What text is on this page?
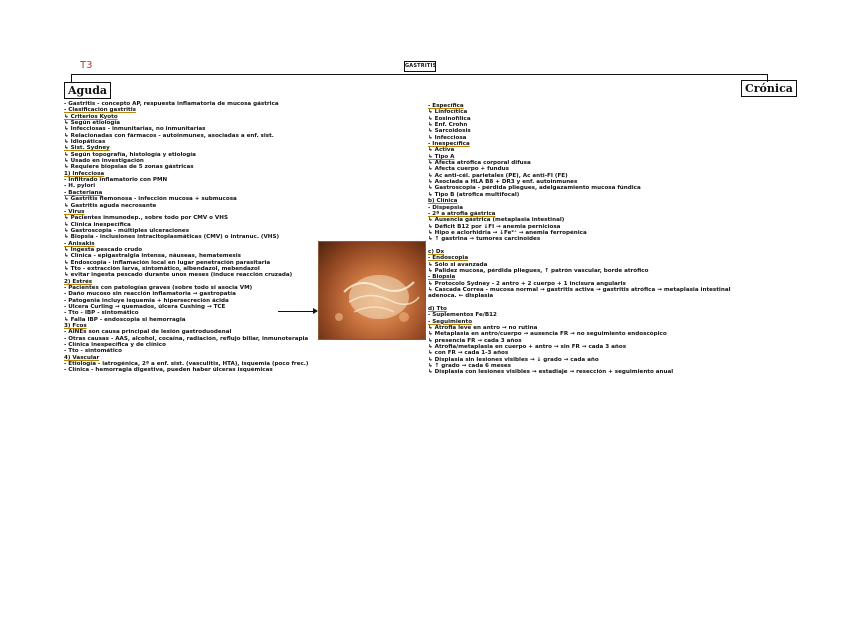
GASTRITIS
T3
Aguda	Crónica
- Gastritis - concepto AP, respuesta inflamatoria de mucosa gástrica
- Clasificación gastritis
↳ Criterios Kyoto
↳ Según etiología
↳ Infecciosas - inmunitarias, no inmunitarias
↳ Relacionadas con fármacos - autoinmunes, asociadas a enf. sist.
↳ Idiopáticas
↳ Sist. Sydney
↳ Según topografía, histología y etiología
↳ Usado en investigación
↳ Requiere biopsias de 5 zonas gástricas
1) Infecciosa
- Infiltrado inflamatorio con PMN
- H. pylori
- Bacteriana
↳ Gastritis flemonosa - infección mucosa + submucosa
↳ Gastritis aguda necrosante
- Virus
↳ Pacientes inmunodep., sobre todo por CMV o VHS
↳ Clínica inespecífica
↳ Gastroscopia - múltiples ulceraciones
↳ Biopsia - inclusiones intracitoplasmáticas (CMV) o intranuc. (VHS)
- Anisakis
↳ Ingesta pescado crudo
↳ Clínica - epigastralgia intensa, náuseas, hematemesis
↳ Endoscopia - inflamación local en lugar penetración parasitaria
↳ Tto - extracción larva, sintomático, albendazol, mebendazol
↳ evitar ingesta pescado durante unos meses (induce reacción cruzada)
2) Estrés
- Pacientes con patologías graves (sobre todo si asocia VM)
- Daño mucoso sin reacción inflamatoria → gastropatía
- Patogenia incluye isquemia + hipersecreción ácida
- Úlcera Curling → quemados, úlcera Cushing → TCE
- Tto - IBP - sintomático
↳ Falla IBP - endoscopia si hemorragia
3) Fcos
- AINEs son causa principal de lesión gastroduodenal
- Otras causas - AAS, alcohol, cocaína, radiación, reflujo biliar, inmunoterapia
- Clínica inespecífica y de clínico
- Tto - sintomático
4) Vascular
- Etiología - iatrogénica, 2ª a enf. sist. (vasculitis, HTA), isquemia (poco frec.)
- Clínica - hemorragia digestiva, pueden haber úlceras isquémicas
- Específica
↳ Linfocítica
↳ Eosinofílica
↳ Enf. Crohn
↳ Sarcoidosis
↳ Infecciosa
- Inespecífica
↳ Activa
↳ Tipo A
↳ Afecta atrófica corporal difusa
↳ Afecta cuerpo + fundus
↳ Ac anti-cél. parietales (PE), Ac anti-FI (FE)
↳ Asociada a HLA B8 + DR3 y enf. autoinmunes
↳ Gastroscopia - pérdida pliegues, adelgazamiento mucosa fúndica
↳ Tipo B (atrófica multifocal)
b) Clínica
- Dispepsia
- 2ª a atrofia gástrica
↳ Ausencia gástrica (metaplasia intestinal)
↳ Déficit B12 por ↓FI → anemia perniciosa
↳ Hipo e aclorhidria → ↓Fe²⁺ → anemia ferropénica
↳ ↑ gastrina → tumores carcinoides
c) Dx
- Endoscopia
↳ Sólo si avanzada
↳ Palidez mucosa, pérdida pliegues, ↑ patrón vascular, borde atrófico
- Biopsia
↳ Protocolo Sydney - 2 antro + 2 cuerpo + 1 incisura angularis
↳ Cascada Correa - mucosa normal → gastritis activa → gastritis atrófica → metaplasia intestinal
adenoca. ← displasia
d) Tto
- Suplementos Fe/B12
- Seguimiento
↳ Atrofia leve en antro → no rutina
↳ Metaplasia en antro/cuerpo → ausencia FR → no seguimiento endoscópico
↳ presencia FR → cada 3 años
↳ Atrofia/metaplasia en cuerpo + antro → sin FR → cada 3 años
↳ con FR → cada 1-3 años
↳ Displasia sin lesiones visibles → ↓ grado → cada año
↳ ↑ grado → cada 6 meses
↳ Displasia con lesiones visibles → estadiaje → resección + seguimiento anual
